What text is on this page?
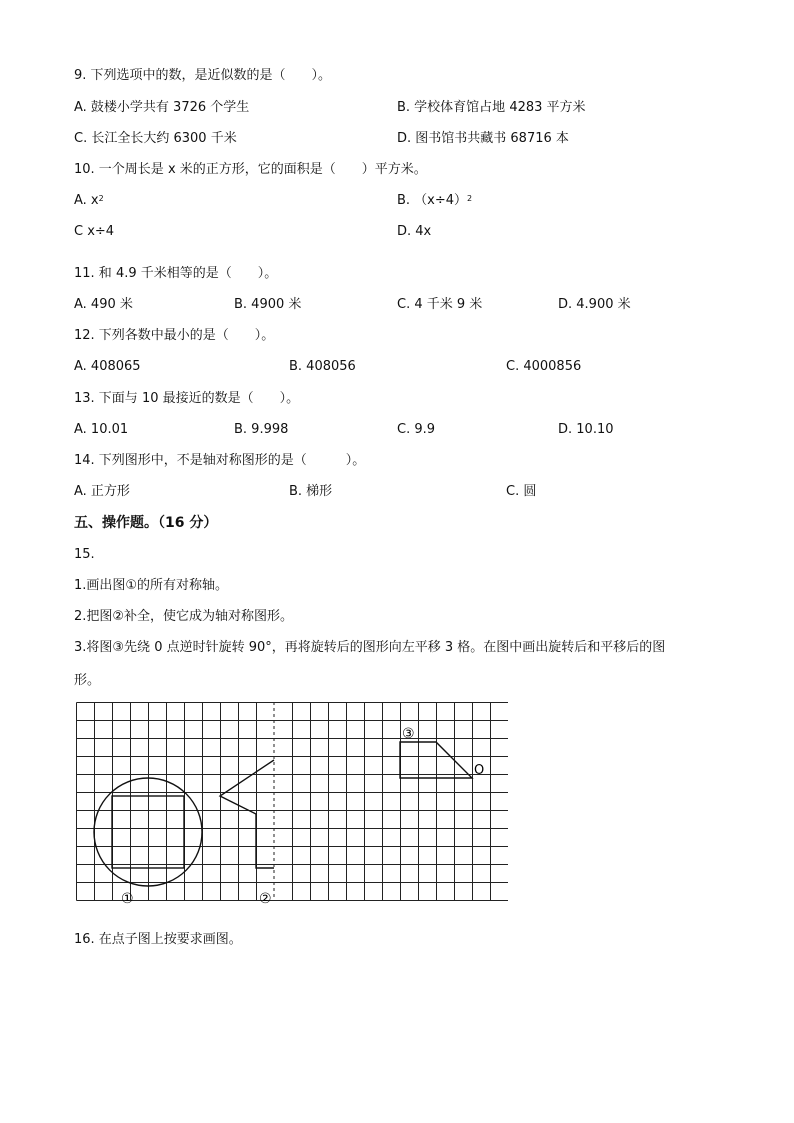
9. 下列选项中的数，是近似数的是（　　）。
A. 鼓楼小学共有 3726 个学生	B. 学校体育馆占地 4283 平方米
C. 长江全长大约 6300 千米	D. 图书馆书共藏书 68716 本
10. 一个周长是 x 米的正方形，它的面积是（　　）平方米。
A. $x^2$	B. $(x\div 4)^2$
C x÷4	D. 4x
11. 和 4.9 千米相等的是（　　）。
A. 490 米	B. 4900 米	C. 4 千米 9 米	D. 4.900 米
12. 下列各数中最小的是（　　）。
A. 408065	B. 408056	C. 4000856
13. 下面与 10 最接近的数是（　　）。
A. 10.01	B. 9.998	C. 9.9	D. 10.10
14. 下列图形中，不是轴对称图形的是（　　　）。
A. 正方形	B. 梯形	C. 圆
五、操作题。（16 分）
15.
1.画出图①的所有对称轴。
2.把图②补全，使它成为轴对称图形。
3.将图③先绕 0 点逆时针旋转 90°，再将旋转后的图形向左平移 3 格。在图中画出旋转后和平移后的图
形。
①	②
③
O
16. 在点子图上按要求画图。
